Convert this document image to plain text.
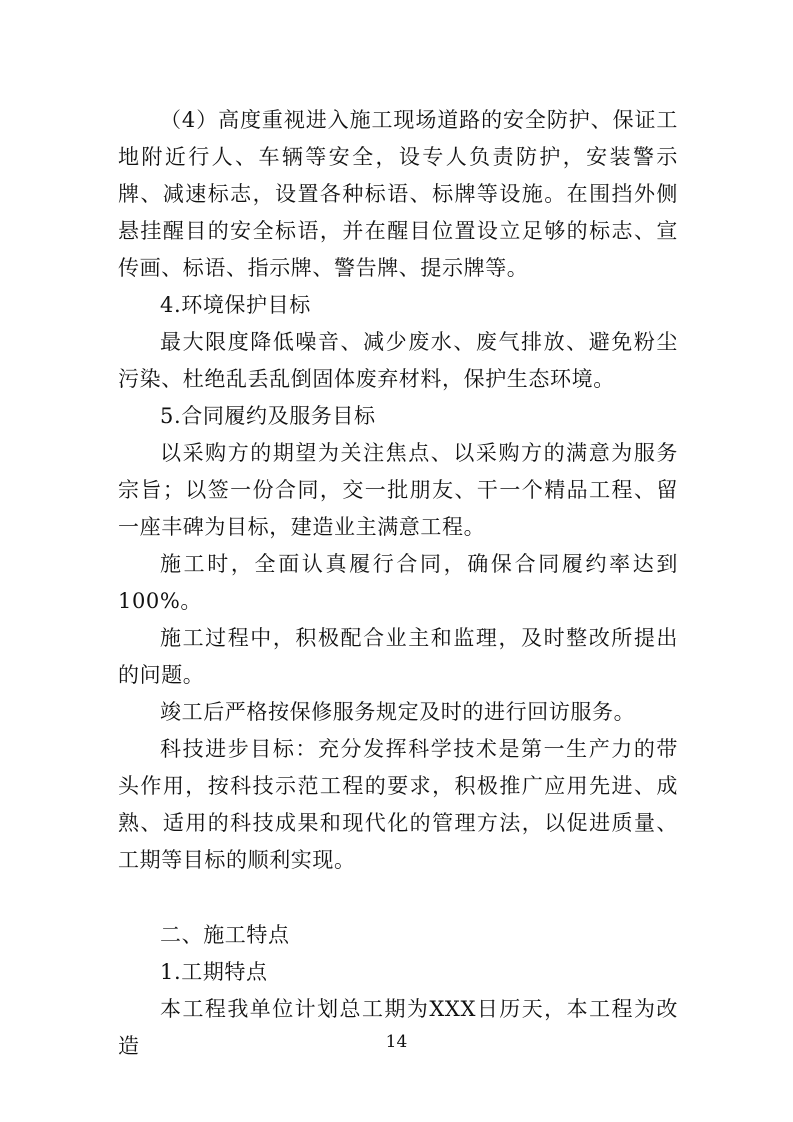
（4）高度重视进入施工现场道路的安全防护、保证工地附近行人、车辆等安全，设专人负责防护，安装警示牌、减速标志，设置各种标语、标牌等设施。在围挡外侧悬挂醒目的安全标语，并在醒目位置设立足够的标志、宣传画、标语、指示牌、警告牌、提示牌等。

4.环境保护目标

最大限度降低噪音、减少废水、废气排放、避免粉尘污染、杜绝乱丢乱倒固体废弃材料，保护生态环境。

5.合同履约及服务目标

以采购方的期望为关注焦点、以采购方的满意为服务宗旨；以签一份合同，交一批朋友、干一个精品工程、留一座丰碑为目标，建造业主满意工程。

施工时，全面认真履行合同，确保合同履约率达到100%。

施工过程中，积极配合业主和监理，及时整改所提出的问题。

竣工后严格按保修服务规定及时的进行回访服务。

科技进步目标：充分发挥科学技术是第一生产力的带头作用，按科技示范工程的要求，积极推广应用先进、成熟、适用的科技成果和现代化的管理方法，以促进质量、工期等目标的顺利实现。

二、施工特点

1.工期特点

本工程我单位计划总工期为XXX日历天，本工程为改造	14
